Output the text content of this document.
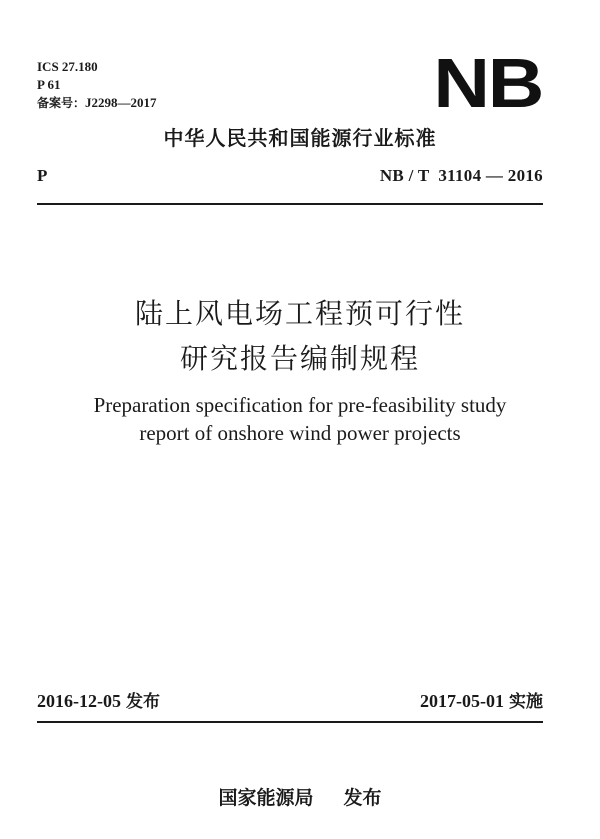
ICS 27.180
P 61
备案号：J2298—2017	NB
中华人民共和国能源行业标准
P	NB / T  31104 — 2016
陆上风电场工程预可行性
研究报告编制规程
Preparation specification for pre-feasibility study
report of onshore wind power projects
2016-12-05 发布	2017-05-01 实施
国家能源局 发布
